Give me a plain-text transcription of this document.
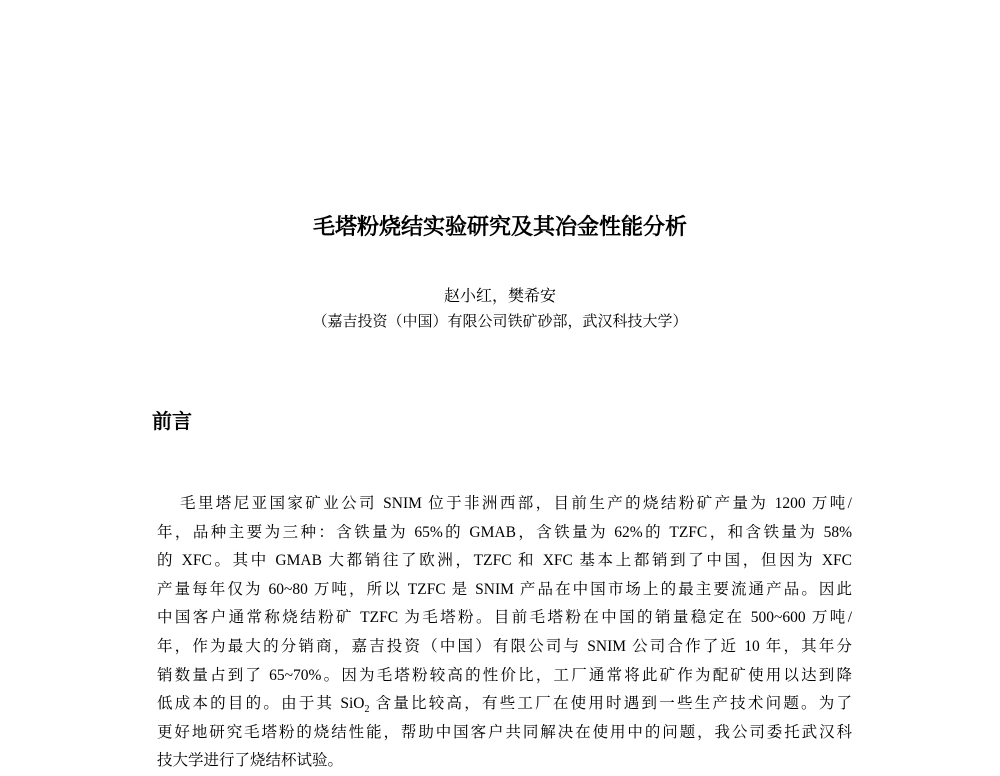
毛塔粉烧结实验研究及其冶金性能分析
赵小红，樊希安
（嘉吉投资（中国）有限公司铁矿砂部，武汉科技大学）
前言
毛里塔尼亚国家矿业公司 SNIM 位于非洲西部，目前生产的烧结粉矿产量为 1200 万吨/
年，品种主要为三种：含铁量为 65%的 GMAB，含铁量为 62%的 TZFC，和含铁量为 58%
的 XFC。其中 GMAB 大都销往了欧洲，TZFC 和 XFC 基本上都销到了中国，但因为 XFC
产量每年仅为 60~80 万吨，所以 TZFC 是 SNIM 产品在中国市场上的最主要流通产品。因此
中国客户通常称烧结粉矿 TZFC 为毛塔粉。目前毛塔粉在中国的销量稳定在 500~600 万吨/
年，作为最大的分销商，嘉吉投资（中国）有限公司与 SNIM 公司合作了近 10 年，其年分
销数量占到了 65~70%。因为毛塔粉较高的性价比，工厂通常将此矿作为配矿使用以达到降
低成本的目的。由于其 SiO$_2$ 含量比较高，有些工厂在使用时遇到一些生产技术问题。为了
更好地研究毛塔粉的烧结性能，帮助中国客户共同解决在使用中的问题，我公司委托武汉科
技大学进行了烧结杯试验。
